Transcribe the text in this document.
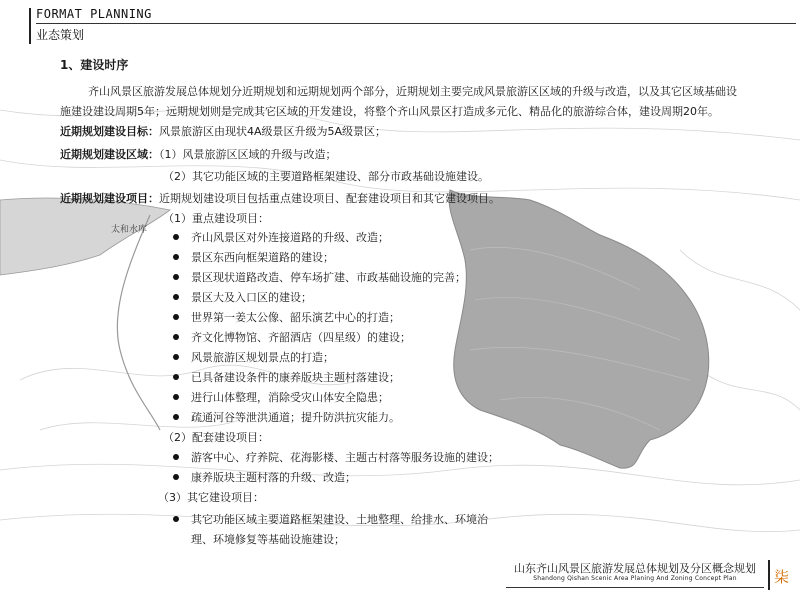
FORMAT PLANNING
业态策划
太和水库
1、建设时序
齐山风景区旅游发展总体规划分近期规划和远期规划两个部分，近期规划主要完成风景旅游区区域的升级与改造，以及其它区域基础设
施建设建设周期5年；远期规划则是完成其它区域的开发建设，将整个齐山风景区打造成多元化、精品化的旅游综合体，建设周期20年。
近期规划建设目标：风景旅游区由现状4A级景区升级为5A级景区；
近期规划建设区域：（1）风景旅游区区域的升级与改造；
（2）其它功能区域的主要道路框架建设、部分市政基础设施建设。
近期规划建设项目：近期规划建设项目包括重点建设项目、配套建设项目和其它建设项目。
（1）重点建设项目：
齐山风景区对外连接道路的升级、改造；
景区东西向框架道路的建设；
景区现状道路改造、停车场扩建、市政基础设施的完善；
景区大及入口区的建设；
世界第一姜太公像、韶乐演艺中心的打造；
齐文化博物馆、齐韶酒店（四星级）的建设；
风景旅游区规划景点的打造；
已具备建设条件的康养版块主题村落建设；
进行山体整理，消除受灾山体安全隐患；
疏通河谷等泄洪通道；提升防洪抗灾能力。
（2）配套建设项目：
游客中心、疗养院、花海影楼、主题古村落等服务设施的建设；
康养版块主题村落的升级、改造；
（3）其它建设项目：
其它功能区域主要道路框架建设、土地整理、给排水、环境治
理、环境修复等基础设施建设；
山东齐山风景区旅游发展总体规划及分区概念规划
Shandong Qishan Scenic Area Planing And Zoning Concept Plan	柒
